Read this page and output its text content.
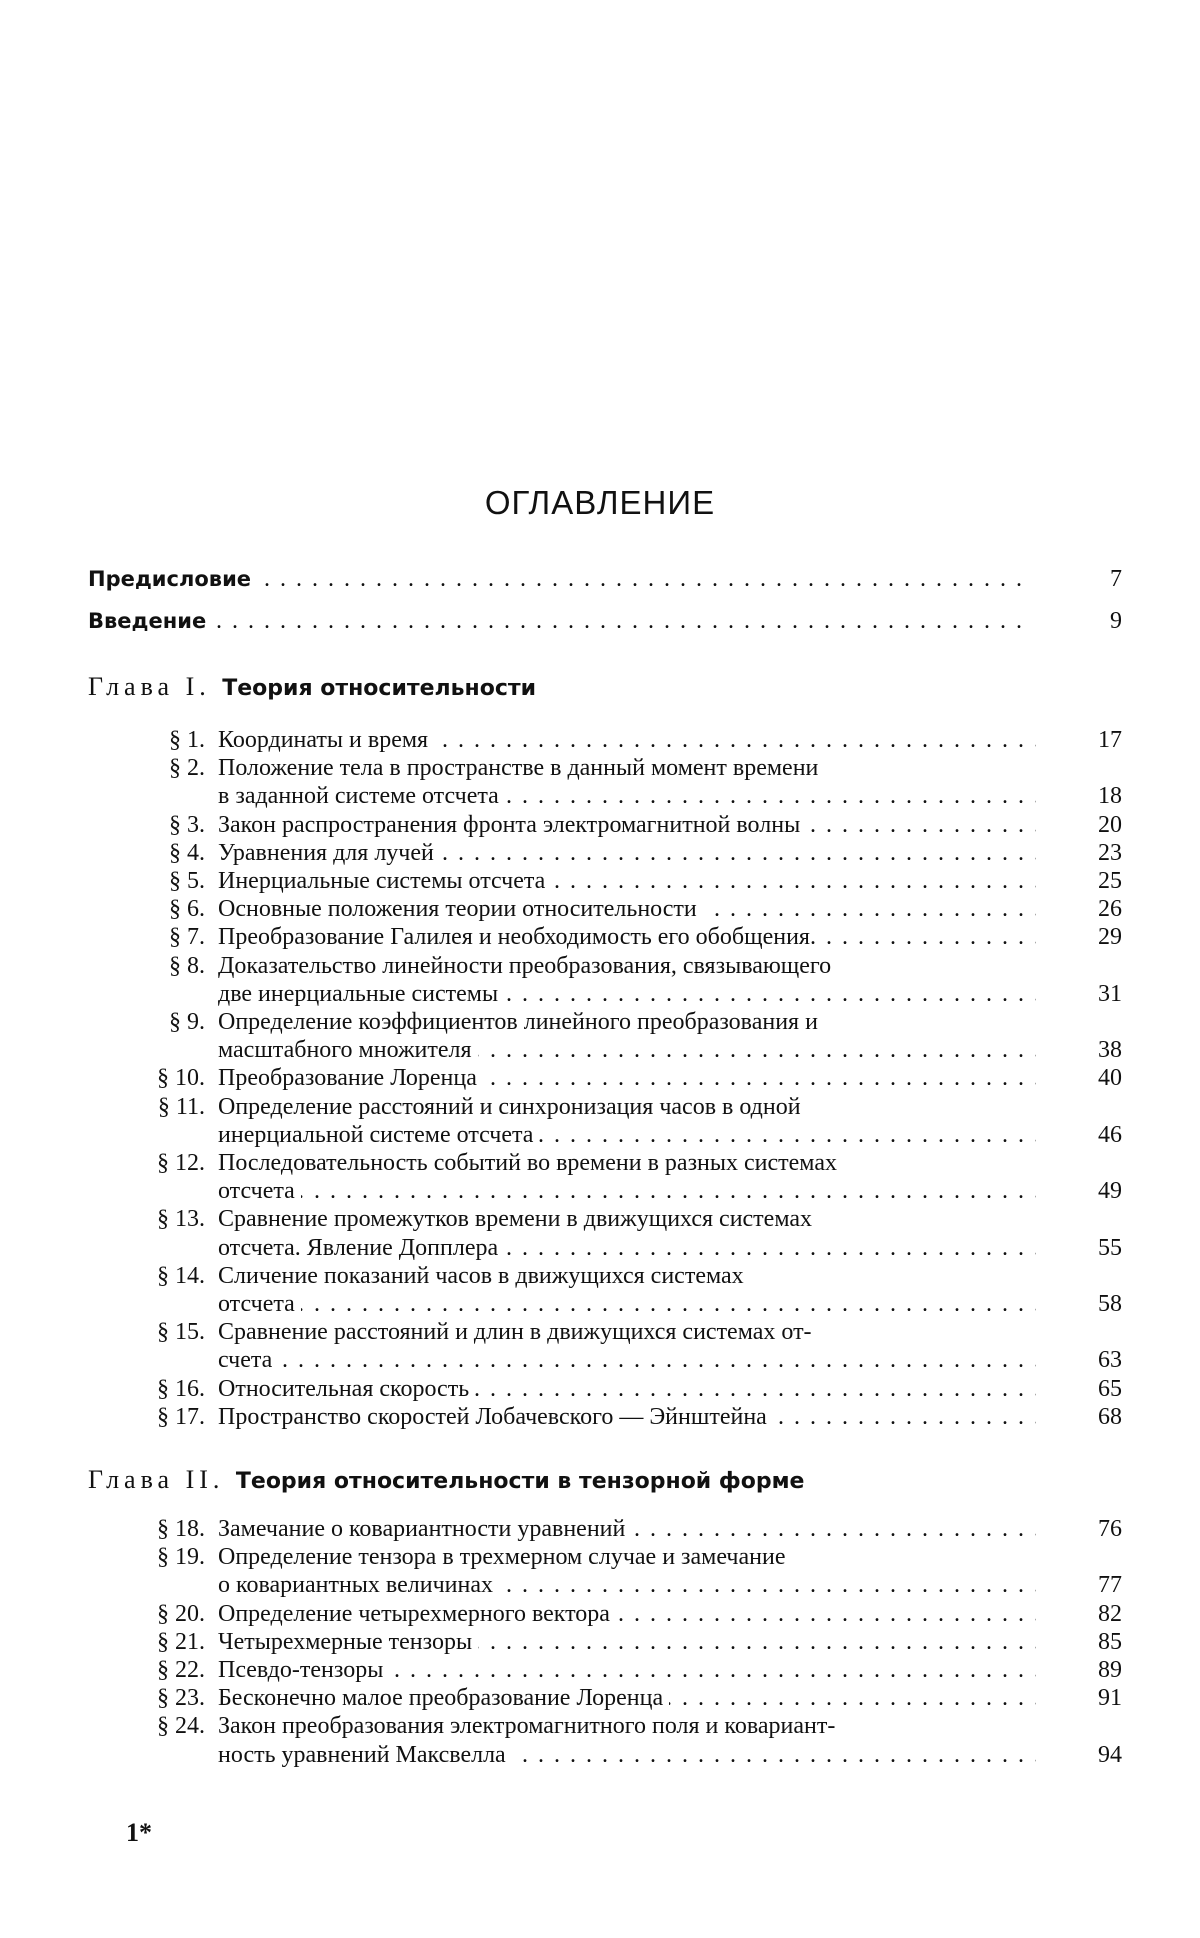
ОГЛАВЛЕНИЕ
Предисловие . . .	7
Введение . . .	9
Глава I. Теория относительности
§ 1. Координаты и время . . .	17
§ 2. Положение тела в пространстве в данный момент времени
в заданной системе отсчета . . .	18
§ 3. Закон распространения фронта электромагнитной волны . . .	20
§ 4. Уравнения для лучей . . .	23
§ 5. Инерциальные системы отсчета . . .	25
§ 6. Основные положения теории относительности . . .	26
§ 7. Преобразование Галилея и необходимость его обобщения. . . .	29
§ 8. Доказательство линейности преобразования, связывающего
две инерциальные системы . . .	31
§ 9. Определение коэффициентов линейного преобразования и
масштабного множителя . . .	38
§ 10. Преобразование Лоренца . . .	40
§ 11. Определение расстояний и синхронизация часов в одной
инерциальной системе отсчета . . .	46
§ 12. Последовательность событий во времени в разных системах
отсчета . . .	49
§ 13. Сравнение промежутков времени в движущихся системах
отсчета. Явление Допплера . . .	55
§ 14. Сличение показаний часов в движущихся системах
отсчета . . .	58
§ 15. Сравнение расстояний и длин в движущихся системах от-
счета . . .	63
§ 16. Относительная скорость . . .	65
§ 17. Пространство скоростей Лобачевского — Эйнштейна . . .	68
Глава II. Теория относительности в тензорной форме
§ 18. Замечание о ковариантности уравнений . . .	76
§ 19. Определение тензора в трехмерном случае и замечание
о ковариантных величинах . . .	77
§ 20. Определение четырехмерного вектора . . .	82
§ 21. Четырехмерные тензоры . . .	85
§ 22. Псевдо-тензоры . . .	89
§ 23. Бесконечно малое преобразование Лоренца . . .	91
§ 24. Закон преобразования электромагнитного поля и ковариант-
ность уравнений Максвелла . . .	94
1*
